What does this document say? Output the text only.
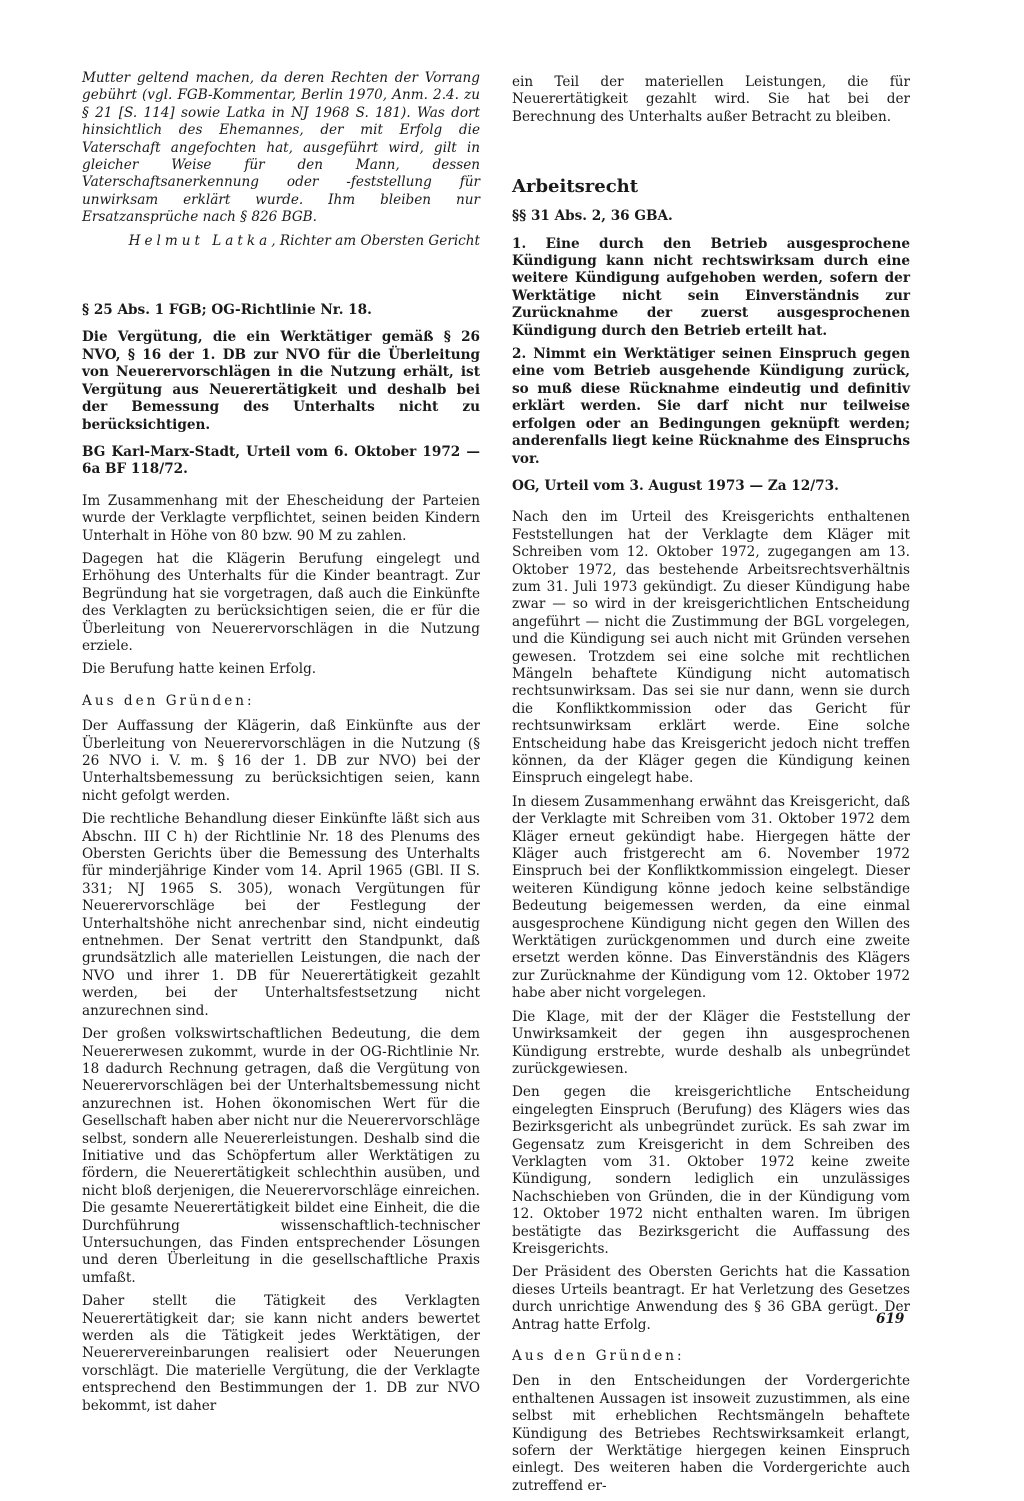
Mutter geltend machen, da deren Rechten der Vorrang gebührt (vgl. FGB-Kommentar, Berlin 1970, Anm. 2.4. zu § 21 [S. 114] sowie Latka in NJ 1968 S. 181). Was dort hinsichtlich des Ehemannes, der mit Erfolg die Vaterschaft angefochten hat, ausgeführt wird, gilt in gleicher Weise für den Mann, dessen Vaterschaftsanerkennung oder -feststellung für unwirksam erklärt wurde. Ihm bleiben nur Ersatzansprüche nach § 826 BGB.

Helmut Latka, Richter am Obersten Gericht

§ 25 Abs. 1 FGB; OG-Richtlinie Nr. 18.

Die Vergütung, die ein Werktätiger gemäß § 26 NVO, § 16 der 1. DB zur NVO für die Überleitung von Neuerervorschlägen in die Nutzung erhält, ist Vergütung aus Neuerertätigkeit und deshalb bei der Bemessung des Unterhalts nicht zu berücksichtigen.

BG Karl-Marx-Stadt, Urteil vom 6. Oktober 1972 — 6a BF 118/72.

Im Zusammenhang mit der Ehescheidung der Parteien wurde der Verklagte verpflichtet, seinen beiden Kindern Unterhalt in Höhe von 80 bzw. 90 M zu zahlen.

Dagegen hat die Klägerin Berufung eingelegt und Erhöhung des Unterhalts für die Kinder beantragt. Zur Begründung hat sie vorgetragen, daß auch die Einkünfte des Verklagten zu berücksichtigen seien, die er für die Überleitung von Neuerervorschlägen in die Nutzung erziele.

Die Berufung hatte keinen Erfolg.

Aus den Gründen:

Der Auffassung der Klägerin, daß Einkünfte aus der Überleitung von Neuerervorschlägen in die Nutzung (§ 26 NVO i. V. m. § 16 der 1. DB zur NVO) bei der Unterhaltsbemessung zu berücksichtigen seien, kann nicht gefolgt werden.

Die rechtliche Behandlung dieser Einkünfte läßt sich aus Abschn. III C h) der Richtlinie Nr. 18 des Plenums des Obersten Gerichts über die Bemessung des Unterhalts für minderjährige Kinder vom 14. April 1965 (GBl. II S. 331; NJ 1965 S. 305), wonach Vergütungen für Neuerervorschläge bei der Festlegung der Unterhaltshöhe nicht anrechenbar sind, nicht eindeutig entnehmen. Der Senat vertritt den Standpunkt, daß grundsätzlich alle materiellen Leistungen, die nach der NVO und ihrer 1. DB für Neuerertätigkeit gezahlt werden, bei der Unterhaltsfestsetzung nicht anzurechnen sind.

Der großen volkswirtschaftlichen Bedeutung, die dem Neuererwesen zukommt, wurde in der OG-Richtlinie Nr. 18 dadurch Rechnung getragen, daß die Vergütung von Neuerervorschlägen bei der Unterhaltsbemessung nicht anzurechnen ist. Hohen ökonomischen Wert für die Gesellschaft haben aber nicht nur die Neuerervorschläge selbst, sondern alle Neuererleistungen. Deshalb sind die Initiative und das Schöpfertum aller Werktätigen zu fördern, die Neuerertätigkeit schlechthin ausüben, und nicht bloß derjenigen, die Neuerervorschläge einreichen. Die gesamte Neuerertätigkeit bildet eine Einheit, die die Durchführung wissenschaftlich-technischer Untersuchungen, das Finden entsprechender Lösungen und deren Überleitung in die gesellschaftliche Praxis umfaßt.

Daher stellt die Tätigkeit des Verklagten Neuerertätigkeit dar; sie kann nicht anders bewertet werden als die Tätigkeit jedes Werktätigen, der Neuerervereinbarungen realisiert oder Neuerungen vorschlägt. Die materielle Vergütung, die der Verklagte entsprechend den Bestimmungen der 1. DB zur NVO bekommt, ist daher

ein Teil der materiellen Leistungen, die für Neuerertätigkeit gezahlt wird. Sie hat bei der Berechnung des Unterhalts außer Betracht zu bleiben.

Arbeitsrecht

§§ 31 Abs. 2, 36 GBA.

1. Eine durch den Betrieb ausgesprochene Kündigung kann nicht rechtswirksam durch eine weitere Kündigung aufgehoben werden, sofern der Werktätige nicht sein Einverständnis zur Zurücknahme der zuerst ausgesprochenen Kündigung durch den Betrieb erteilt hat.

2. Nimmt ein Werktätiger seinen Einspruch gegen eine vom Betrieb ausgehende Kündigung zurück, so muß diese Rücknahme eindeutig und definitiv erklärt werden. Sie darf nicht nur teilweise erfolgen oder an Bedingungen geknüpft werden; anderenfalls liegt keine Rücknahme des Einspruchs vor.

OG, Urteil vom 3. August 1973 — Za 12/73.

Nach den im Urteil des Kreisgerichts enthaltenen Feststellungen hat der Verklagte dem Kläger mit Schreiben vom 12. Oktober 1972, zugegangen am 13. Oktober 1972, das bestehende Arbeitsrechtsverhältnis zum 31. Juli 1973 gekündigt. Zu dieser Kündigung habe zwar — so wird in der kreisgerichtlichen Entscheidung angeführt — nicht die Zustimmung der BGL vorgelegen, und die Kündigung sei auch nicht mit Gründen versehen gewesen. Trotzdem sei eine solche mit rechtlichen Mängeln behaftete Kündigung nicht automatisch rechtsunwirksam. Das sei sie nur dann, wenn sie durch die Konfliktkommission oder das Gericht für rechtsunwirksam erklärt werde. Eine solche Entscheidung habe das Kreisgericht jedoch nicht treffen können, da der Kläger gegen die Kündigung keinen Einspruch eingelegt habe.

In diesem Zusammenhang erwähnt das Kreisgericht, daß der Verklagte mit Schreiben vom 31. Oktober 1972 dem Kläger erneut gekündigt habe. Hiergegen hätte der Kläger auch fristgerecht am 6. November 1972 Einspruch bei der Konfliktkommission eingelegt. Dieser weiteren Kündigung könne jedoch keine selbständige Bedeutung beigemessen werden, da eine einmal ausgesprochene Kündigung nicht gegen den Willen des Werktätigen zurückgenommen und durch eine zweite ersetzt werden könne. Das Einverständnis des Klägers zur Zurücknahme der Kündigung vom 12. Oktober 1972 habe aber nicht vorgelegen.

Die Klage, mit der der Kläger die Feststellung der Unwirksamkeit der gegen ihn ausgesprochenen Kündigung erstrebte, wurde deshalb als unbegründet zurückgewiesen.

Den gegen die kreisgerichtliche Entscheidung eingelegten Einspruch (Berufung) des Klägers wies das Bezirksgericht als unbegründet zurück. Es sah zwar im Gegensatz zum Kreisgericht in dem Schreiben des Verklagten vom 31. Oktober 1972 keine zweite Kündigung, sondern lediglich ein unzulässiges Nachschieben von Gründen, die in der Kündigung vom 12. Oktober 1972 nicht enthalten waren. Im übrigen bestätigte das Bezirksgericht die Auffassung des Kreisgerichts.

Der Präsident des Obersten Gerichts hat die Kassation dieses Urteils beantragt. Er hat Verletzung des Gesetzes durch unrichtige Anwendung des § 36 GBA gerügt. Der Antrag hatte Erfolg.

Aus den Gründen:

Den in den Entscheidungen der Vordergerichte enthaltenen Aussagen ist insoweit zuzustimmen, als eine selbst mit erheblichen Rechtsmängeln behaftete Kündigung des Betriebes Rechtswirksamkeit erlangt, sofern der Werktätige hiergegen keinen Einspruch einlegt. Des weiteren haben die Vordergerichte auch zutreffend er-

619
